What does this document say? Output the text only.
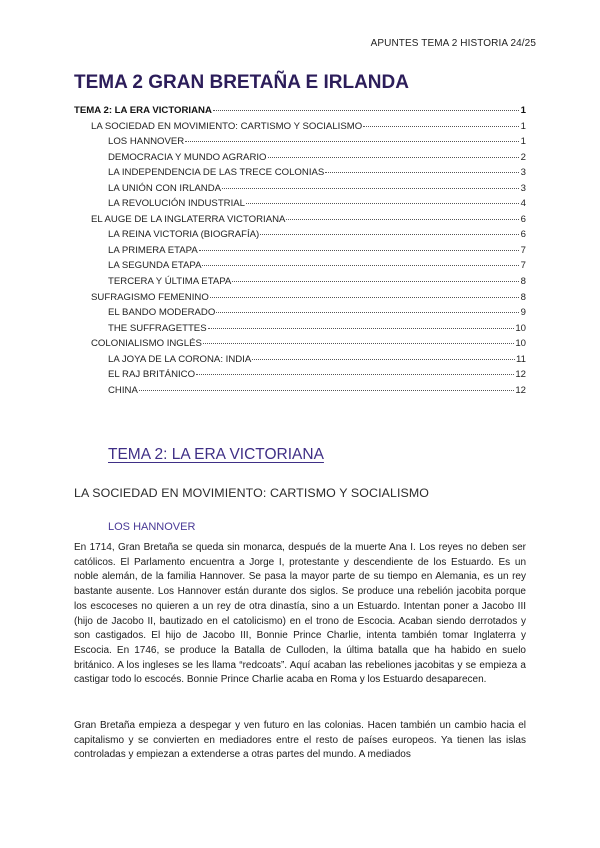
APUNTES TEMA 2 HISTORIA 24/25
TEMA 2 GRAN BRETAÑA E IRLANDA
TEMA 2: LA ERA VICTORIANA	1
LA SOCIEDAD EN MOVIMIENTO: CARTISMO Y SOCIALISMO	1
LOS HANNOVER	1
DEMOCRACIA Y MUNDO AGRARIO	2
LA INDEPENDENCIA DE LAS TRECE COLONIAS	3
LA UNIÓN CON IRLANDA	3
LA REVOLUCIÓN INDUSTRIAL	4
EL AUGE DE LA INGLATERRA VICTORIANA	6
LA REINA VICTORIA (BIOGRAFÍA)	6
LA PRIMERA ETAPA	7
LA SEGUNDA ETAPA	7
TERCERA Y ÚLTIMA ETAPA	8
SUFRAGISMO FEMENINO	8
EL BANDO MODERADO	9
THE SUFFRAGETTES	10
COLONIALISMO INGLÉS	10
LA JOYA DE LA CORONA: INDIA	11
EL RAJ BRITÁNICO	12
CHINA	12
TEMA 2: LA ERA VICTORIANA
LA SOCIEDAD EN MOVIMIENTO: CARTISMO Y SOCIALISMO
LOS HANNOVER

En 1714, Gran Bretaña se queda sin monarca, después de la muerte Ana I. Los reyes no deben ser católicos. El Parlamento encuentra a Jorge I, protestante y descendiente de los Estuardo. Es un noble alemán, de la familia Hannover. Se pasa la mayor parte de su tiempo en Alemania, es un rey bastante ausente. Los Hannover están durante dos siglos. Se produce una rebelión jacobita porque los escoceses no quieren a un rey de otra dinastía, sino a un Estuardo. Intentan poner a Jacobo III (hijo de Jacobo II, bautizado en el catolicismo) en el trono de Escocia. Acaban siendo derrotados y son castigados. El hijo de Jacobo III, Bonnie Prince Charlie, intenta también tomar Inglaterra y Escocia. En 1746, se produce la Batalla de Culloden, la última batalla que ha habido en suelo británico. A los ingleses se les llama “redcoats”. Aquí acaban las rebeliones jacobitas y se empieza a castigar todo lo escocés. Bonnie Prince Charlie acaba en Roma y los Estuardo desaparecen.

Gran Bretaña empieza a despegar y ven futuro en las colonias. Hacen también un cambio hacia el capitalismo y se convierten en mediadores entre el resto de países europeos. Ya tienen las islas controladas y empiezan a extenderse a otras partes del mundo. A mediados
